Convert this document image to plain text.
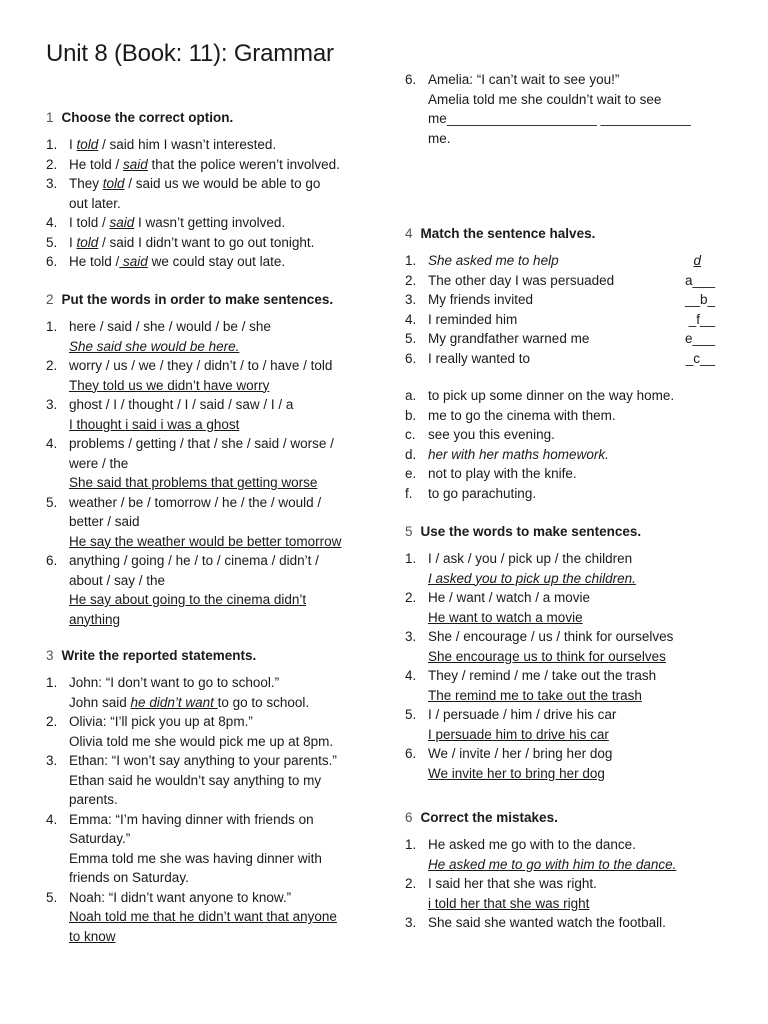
Unit 8 (Book: 11): Grammar
1 Choose the correct option.
1. I told / said him I wasn’t interested.
2. He told / said that the police weren’t involved.
3. They told / said us we would be able to go
out later.
4. I told / said I wasn’t getting involved.
5. I told / said I didn’t want to go out tonight.
6. He told / said we could stay out late.
2 Put the words in order to make sentences.
1. here / said / she / would / be / she
She said she would be here.
2. worry / us / we / they / didn’t / to / have / told
They told us we didn’t have worry
3. ghost / I / thought / I / said / saw / I / a
I thought i said i was a ghost
4. problems / getting / that / she / said / worse /
were / the
She said that problems that getting worse
5. weather / be / tomorrow / he / the / would /
better / said
He say the weather would be better tomorrow
6. anything / going / he / to / cinema / didn’t /
about / say / the
He say about going to the cinema didn’t
anything
3 Write the reported statements.
1. John: “I don’t want to go to school.”
John said he didn’t want to go to school.
2. Olivia: “I’ll pick you up at 8pm.”
Olivia told me she would pick me up at 8pm.
3. Ethan: “I won’t say anything to your parents.”
Ethan said he wouldn’t say anything to my
parents.
4. Emma: “I’m having dinner with friends on
Saturday.”
Emma told me she was having dinner with
friends on Saturday.
5. Noah: “I didn’t want anyone to know.”
Noah told me that he didn’t want that anyone
to know
6. Amelia: “I can’t wait to see you!”
Amelia told me she couldn’t wait to see
me____________________ ____________
me.
4 Match the sentence halves.
1. She asked me to help	d
2. The other day I was persuaded	a___
3. My friends invited	__b_
4. I reminded him	_f__
5. My grandfather warned me	e___
6. I really wanted to	_c__
a. to pick up some dinner on the way home.
b. me to go the cinema with them.
c. see you this evening.
d. her with her maths homework.
e. not to play with the knife.
f. to go parachuting.
5 Use the words to make sentences.
1. I / ask / you / pick up / the children
I asked you to pick up the children.
2. He / want / watch / a movie
He want to watch a movie
3. She / encourage / us / think for ourselves
She encourage us to think for ourselves
4. They / remind / me / take out the trash
The remind me to take out the trash
5. I / persuade / him / drive his car
I persuade him to drive his car
6. We / invite / her / bring her dog
We invite her to bring her dog
6 Correct the mistakes.
1. He asked me go with to the dance.
He asked me to go with him to the dance.
2. I said her that she was right.
i told her that she was right
3. She said she wanted watch the football.
